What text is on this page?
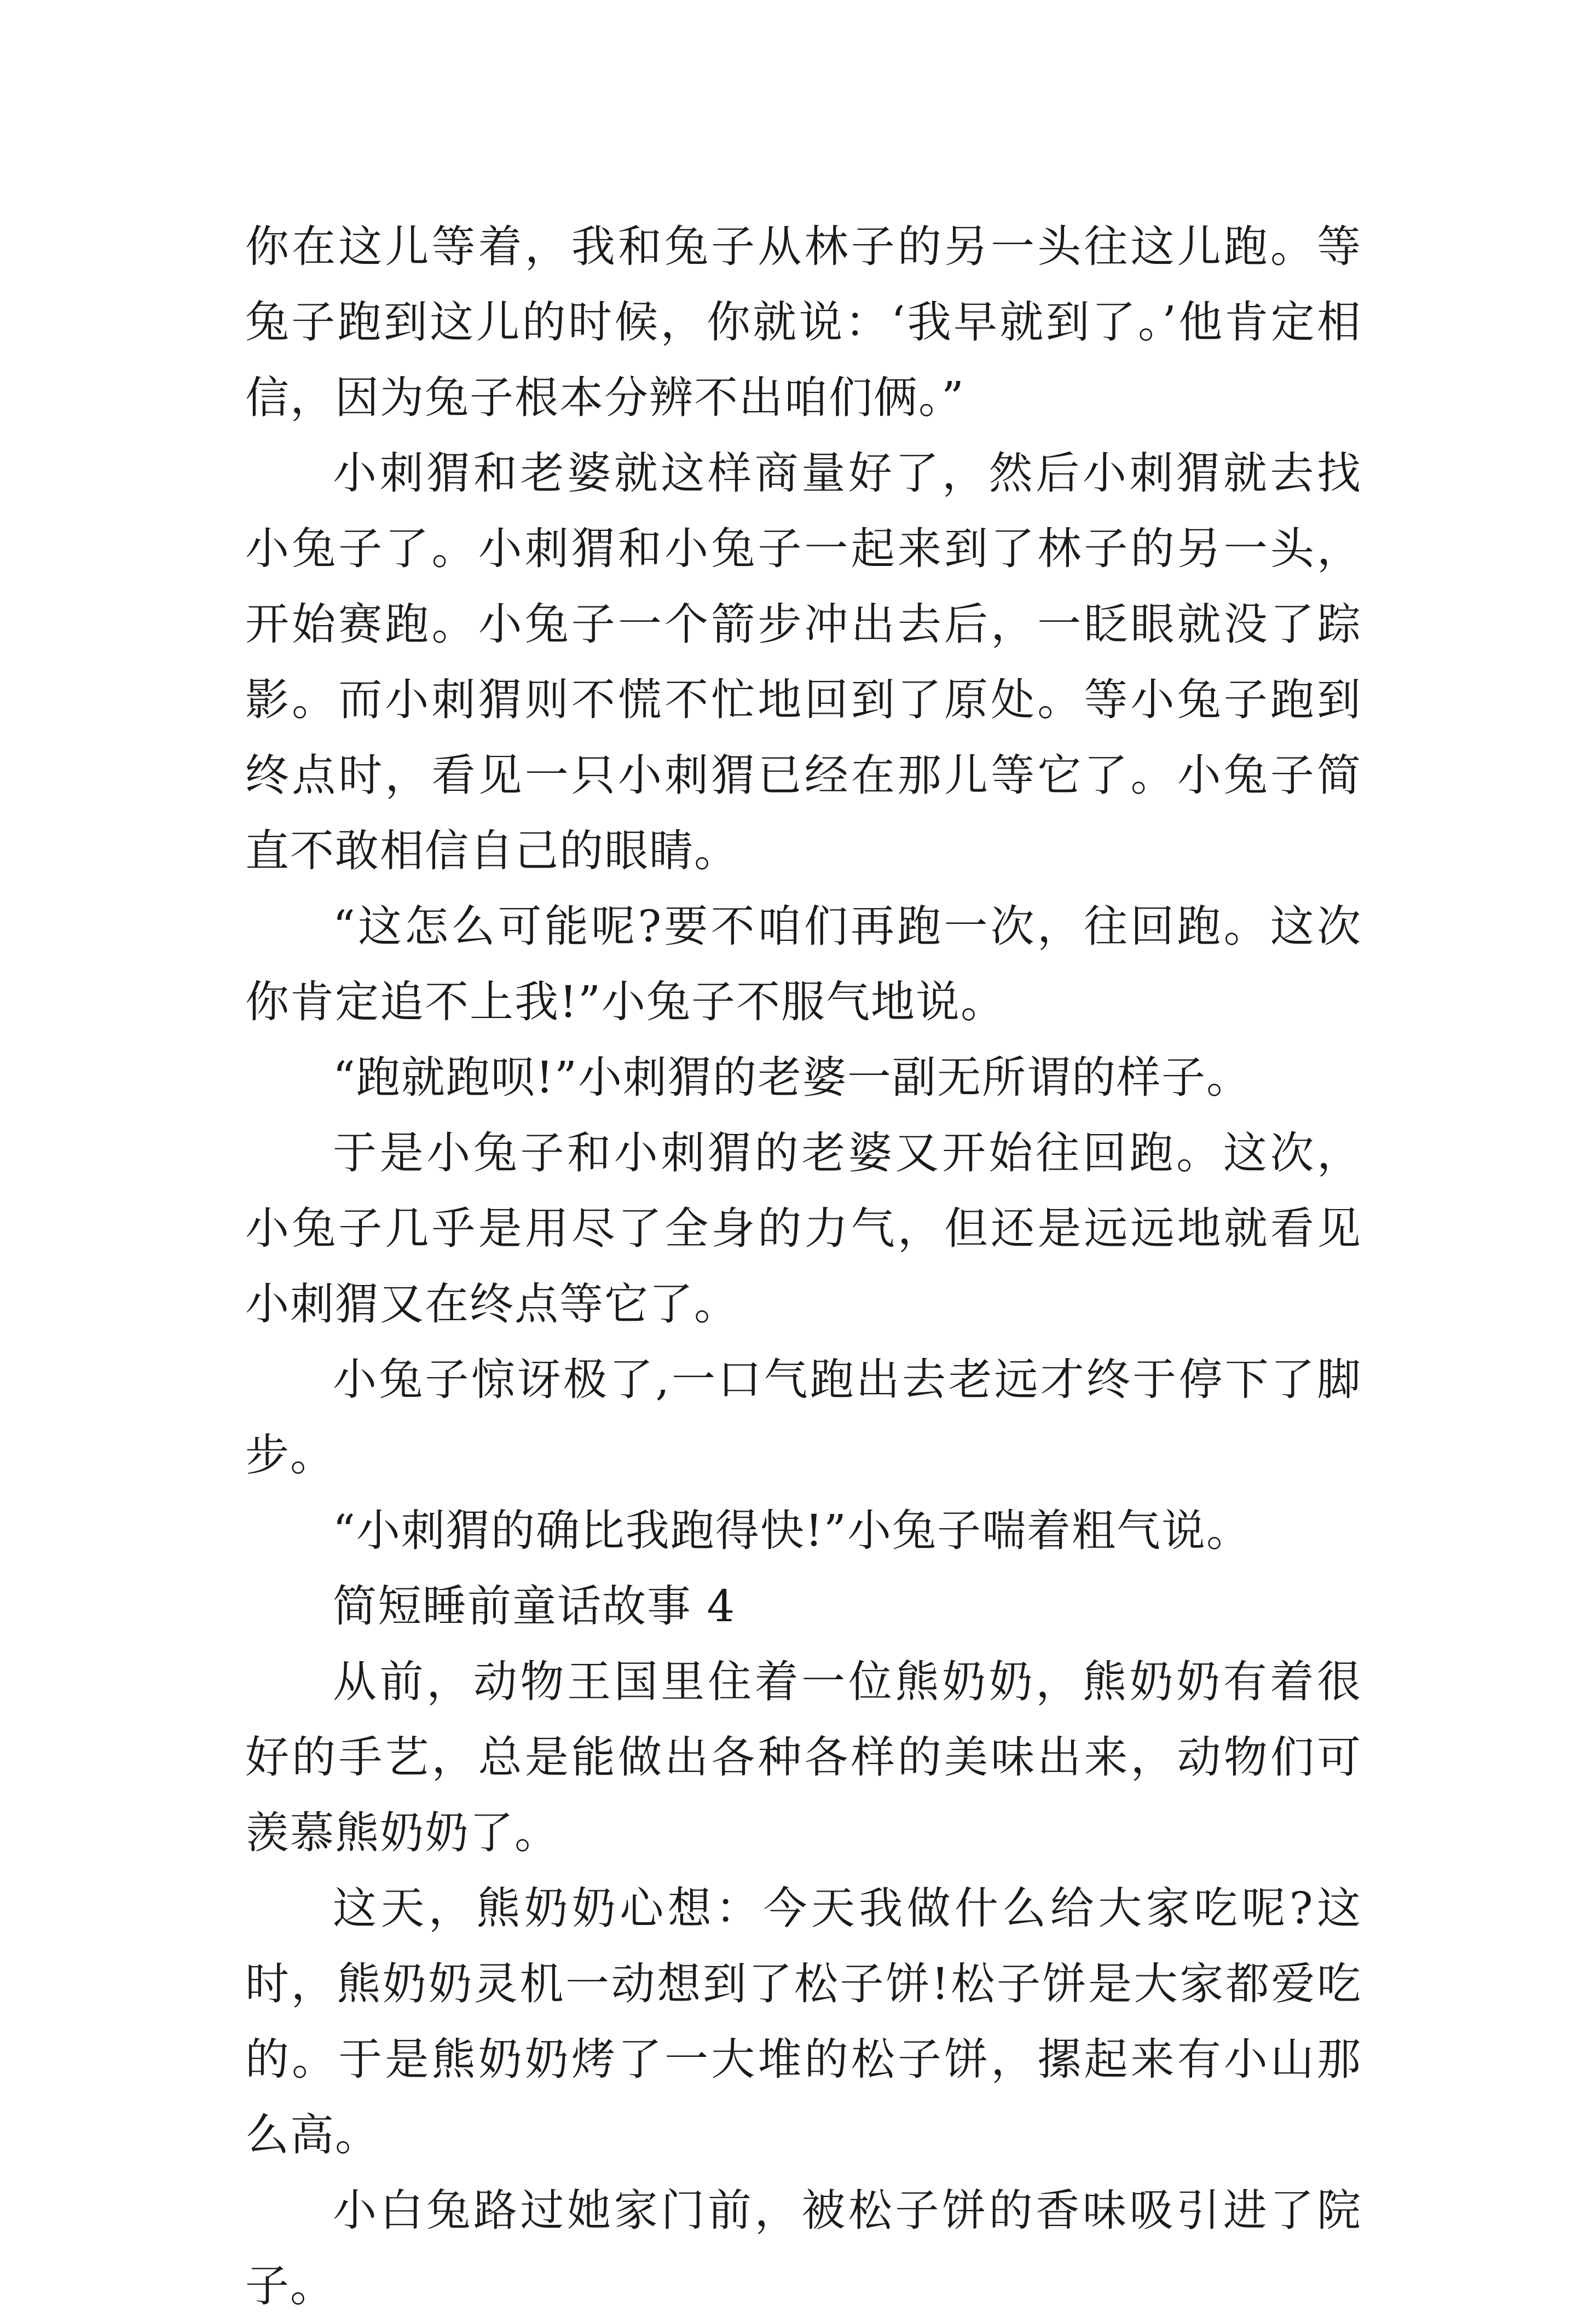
你在这儿等着，我和兔子从林子的另一头往这儿跑。等兔子跑到这儿的时候，你就说：‘我早就到了。’他肯定相信，因为兔子根本分辨不出咱们俩。”

小刺猬和老婆就这样商量好了，然后小刺猬就去找小兔子了。小刺猬和小兔子一起来到了林子的另一头，开始赛跑。小兔子一个箭步冲出去后，一眨眼就没了踪影。而小刺猬则不慌不忙地回到了原处。等小兔子跑到终点时，看见一只小刺猬已经在那儿等它了。小兔子简直不敢相信自己的眼睛。

“这怎么可能呢?要不咱们再跑一次，往回跑。这次你肯定追不上我!”小兔子不服气地说。

“跑就跑呗!”小刺猬的老婆一副无所谓的样子。

于是小兔子和小刺猬的老婆又开始往回跑。这次，小兔子几乎是用尽了全身的力气，但还是远远地就看见小刺猬又在终点等它了。

小兔子惊讶极了,一口气跑出去老远才终于停下了脚步。

“小刺猬的确比我跑得快!”小兔子喘着粗气说。

简短睡前童话故事 4

从前，动物王国里住着一位熊奶奶，熊奶奶有着很好的手艺，总是能做出各种各样的美味出来，动物们可羡慕熊奶奶了。

这天，熊奶奶心想：今天我做什么给大家吃呢?这时，熊奶奶灵机一动想到了松子饼!松子饼是大家都爱吃的。于是熊奶奶烤了一大堆的松子饼，摞起来有小山那么高。

小白兔路过她家门前，被松子饼的香味吸引进了院子。
